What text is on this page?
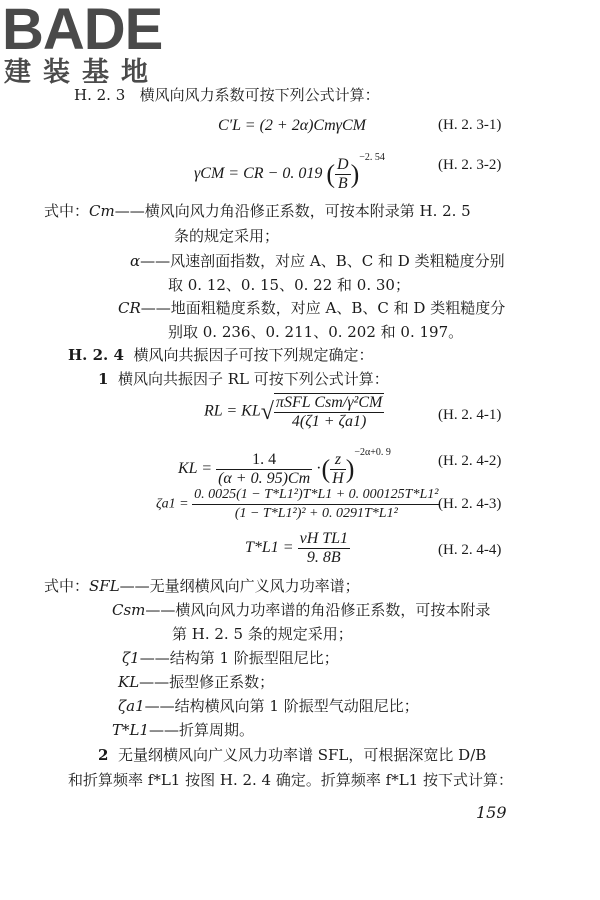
BADE
建装基地
H. 2. 3 横风向风力系数可按下列公式计算：
C′L = (2 + 2α)CmγCM	(H. 2. 3-1)
γCM = CR − 0. 019 ( $\frac{D}{B} )^{-2. 54}$	(H. 2. 3-2)
式中：Cm——横风向风力角沿修正系数，可按本附录第 H. 2. 5
条的规定采用；
α——风速剖面指数，对应 A、B、C 和 D 类粗糙度分别
取 0. 12、0. 15、0. 22 和 0. 30；
CR——地面粗糙度系数，对应 A、B、C 和 D 类粗糙度分
别取 0. 236、0. 211、0. 202 和 0. 197。
H. 2. 4 横风向共振因子可按下列规定确定：
1 横风向共振因子 RL 可按下列公式计算：
RL = $KL√ \frac{\text{πSFL Csm/γ²CM}}{4(\zeta 1 + \zeta a1)}$	(H. 2. 4-1)
KL = $\frac{1. 4}{(\alpha + 0. 95)Cm}$ ·( $\frac{z}{H} )^{-2\alpha+0. 9}$
(H. 2. 4-2)
$\zeta a1 = \frac{\text{0. 0025(1 − T*L1²)T*L1 + 0. 000125T*L1²}}{\text{(1 − T*L1²)² + 0. 0291T*L1²}}$
(H. 2. 4-3)
$T*L1 = \frac{\text{vH TL1}}{9. 8B}$	(H. 2. 4-4)
式中：SFL——无量纲横风向广义风力功率谱；
Csm——横风向风力功率谱的角沿修正系数，可按本附录
第 H. 2. 5 条的规定采用；
ζ1——结构第 1 阶振型阻尼比；
KL——振型修正系数；
ζa1——结构横风向第 1 阶振型气动阻尼比；
T*L1——折算周期。
2 无量纲横风向广义风力功率谱 SFL，可根据深宽比 D/B
和折算频率 f*L1 按图 H. 2. 4 确定。折算频率 f*L1 按下式计算：
159
